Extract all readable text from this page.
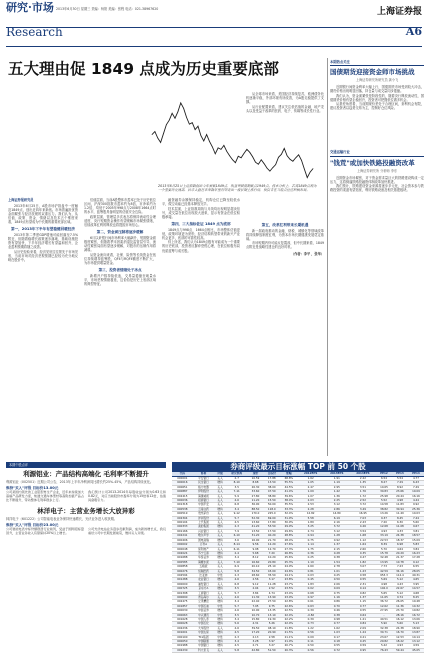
研究·市场 2013年6月30日 星期三 责编：杨阳 美编：张程 电话：021-38967620	上海证券报
Research	A6
五大理由促 1849 点成为历史重要底部
2013年6月25日上证指数创出今年新低1849点，明显突破前期低点1949点。技术分析上，若将1849点视为一个重要历史底部，后市大盘在未来数年里有望走出一波长期上涨行情，投资者在当前点位应积极布局。
上海证券报研究员

2013年6月25日，A股市场沪指盘中一度触及1849点，创出近四年来新低。市场普遍担忧资金面紧张与经济放缓的双重压力。我们认为，从估值、政策、资金、情绪以及技术五个维度来看，1849点有望成为中长期的重要底部区域。

第一，2013年下半年有望稳健回暖经济

2013年第二季度GDP增速可能回落至7.5%附近，但随着稳增长政策逐步落地，基础设施投资有望加快，下半年经济增长有望温和回升，企业盈利预期将随之改善。

从历史经验来看，经济见底往往领先于市场见底，当前市场对经济悲观预期已经较为充分地反映在股价中。

估值层面，当前A股整体市盈率已处于历史低位区间，沪深300指数市盈率约为8倍，市净率约为1.2倍，均低于2005年998点与2008年1664点时的水平，蓝筹股具备明显的估值安全边际。

政策层面，管理层多次表态将保持流动性合理适度，央行短期资金操作有望缓解市场紧张情绪，后续改革红利的释放也将提振市场信心。

第二，资金面压制将逐步缓解

6月以来银行间市场利率大幅飙升，短期资金面极度紧张，但随着季末因素消退及监管层引导，流动性紧张局面有望逐步缓解，对股市的压制作用将减弱。

从资金流向来看，社保、险资等长线资金在低位持续增持蓝筹股，QFII与RQFII额度不断扩大，为市场提供增量资金。

第三，投资者情绪处于冰点

新增开户数持续低迷，交易量萎缩至地量水平，市场悲观情绪蔓延，这恰恰是历史上底部区域的典型特征。

融资融券余额保持稳定，机构仓位已降至较低水平，做空动能已经基本释放完毕。

技术层面，上证指数周线与月线均出现明显超卖信号，成交量在低位出现放大迹象，显示有资金在低位积极承接。

第四，三大指标佐证 1849 点为底部

1849点与998点、1664点相比，市场整体估值更低，政策环境更为宽松，经济结构转型带来的新兴产业机会更多，底部的可靠性较高。

综上所述，我们认为1849点极有可能成为一个重要的历史底部，投资者应摒弃恐慌心理，在低位积极布局优质蓝筹与成长股。

从全球市场来看，美国经济持续复苏，欧洲债务危机逐渐平稳，外部环境有所改善，为A股走稳提供了支撑。

从行业配置来看，建议关注低估值的金融、地产龙头以及受益于改革的医药、电子、传媒等成长性行业。

第五，改革红利带来长期机遇

新一届政府推动的金融、财税、城镇化等领域改革将持续释放制度红利，为资本市场长期健康发展奠定基础。

市场短期内仍可能反复震荡，但中长期来看，1849点附近是战略性建仓的良好时机。

（作者：李平 ，张华）
本期热点关注
国债期货迎接资金师市场挑战
上海证券研究所研究员 龚小飞

近期银行间资金利率大幅上行，国债期货市场受到较大冲击，期货价格出现明显回落，持仓量与成交量同步萎缩。

我们认为，资金面紧张是阶段性的，随着央行释放流动性，国债期货价格有望企稳回升，投资者可把握低位做多机会。

从基差角度看，当前期现价差处于合理区间，套利机会有限，建议投资者以趋势交易为主，控制好仓位风险。

交通运输行业
"钱荒"或加快铁路投融资改革
上海证券研究所 分析师 李东

近期资金市场紧张，对于资金需求量巨大的铁路建设构成一定压力，这将倒逼铁路投融资体制改革加快推进。

我们预计，铁路建设资金来源将逐步多元化，社会资本参与铁路投资的渠道有望拓宽，利好铁路设备及相关基建板块。

本期个股点评
利源铝业：产品结构高端化 毛利率不断提升
利源铝业（002501）近期公司公告，2013年上半年净利润同比增长约25%-45%，产品结构持续优化。
维持"买入"评级 目标价13.00元
公司是国内领先的工业铝型材生产企业，近年来持续加大高端产品研发力度，轨道交通车体型材等高附加值产品占比不断提升，带动整体毛利率稳步上行。
我们预计公司2013-2014年每股收益分别为0.63元和0.82元，对应当前股价市盈率分别为15倍和12倍，估值具备吸引力。
林洋电子：主营业务增长大放异彩
林洋电子（601222）公司智能电表业务保持快速增长，光伏业务进入收获期。
维持"买入"评级 目标价23.00元
公司智能电表中标份额稳居行业前列，受益于国网招标量回升，主营业务收入有望保持20%以上增长。
公司光伏电站业务逐步贡献利润，成为新的增长点，我们看好公司中长期发展前景，维持买入评级。
券商评级最示目标涨幅 TOP 前 50 个股
代码	简称	评级	研究机构	现价	目标价	涨幅	2012EPS	2013EPS	2014EPS	PE12	PE13	PE14
000001	平安银行	买入	2-7	10.59	17.88	68.8%	1.62	1.91	2.22	6.54	5.54	4.77
600016	民生银行	增持	8-10	8.68	13.50	55.5%	1.05	1.19	1.35	8.27	7.29	6.43
000651	格力电器	买入	3-5	26.30	38.00	44.5%	2.47	2.95	3.51	10.65	8.92	7.49
600887	伊利股份	买入	7-11	33.60	47.50	41.4%	1.09	1.42	1.76	30.83	23.66	19.09
002415	海康威视	买入	5-9	27.80	38.80	39.6%	1.07	1.36	1.72	25.98	20.44	16.16
600036	招商银行	买入	4-6	11.20	15.50	38.4%	2.03	2.25	2.52	5.52	4.98	4.44
601318	中国平安	买入	6-8	36.90	50.00	35.5%	2.53	3.12	3.72	14.58	11.83	9.92
000538	云南白药	增持	3-4	88.50	118.0	33.3%	2.28	2.86	3.49	38.82	30.94	25.36
600519	贵州茅台	买入	9-12	170.0	225.0	32.4%	12.82	14.80	16.95	13.26	11.49	10.03
002304	洋河股份	买入	5-7	52.30	69.00	31.9%	5.58	6.19	7.03	9.37	8.45	7.44
600104	上汽集团	买入	4-5	13.60	17.80	30.9%	1.89	2.16	2.43	7.20	6.30	5.60
000333	美的集团	增持	2-3	41.20	53.50	29.9%	3.25	3.72	4.26	12.68	11.08	9.67
601166	兴业银行	买入	7-9	13.50	17.50	29.6%	2.74	3.12	3.54	4.93	4.33	3.81
002241	歌尔声学	买入	6-10	31.20	40.20	28.8%	0.94	1.28	1.68	33.19	24.38	18.57
600406	国电南瑞	增持	3-6	16.90	21.70	28.4%	0.75	0.92	1.12	22.53	18.37	15.09
000002	万科A	买入	8-14	9.56	12.20	27.6%	1.14	1.37	1.64	8.39	6.98	5.83
600048	保利地产	买入	6-11	9.98	12.70	27.3%	1.75	2.15	2.60	5.70	4.64	3.84
002024	苏宁云商	增持	2-4	5.68	7.20	26.8%	0.36	0.28	0.35	15.78	20.29	16.23
601688	华泰证券	增持	3-4	8.12	10.20	25.6%	0.25	0.38	0.47	32.48	21.37	17.28
600585	海螺水泥	买入	7-10	16.60	20.80	25.3%	1.19	1.54	1.82	13.95	10.78	9.12
000858	五粮液	买入	6-9	20.10	25.10	24.9%	2.60	2.78	3.07	7.73	7.23	6.55
600276	恒瑞医药	买入	5-8	34.50	43.00	24.6%	0.81	1.01	1.23	42.59	34.16	28.05
002594	比亚迪	中性	2-3	28.60	35.50	24.1%	0.03	0.25	0.58	953.3	114.4	49.31
601288	农业银行	增持	4-6	2.56	3.17	23.8%	0.45	0.50	0.55	5.69	5.12	4.65
600000	浦发银行	买入	6-8	9.12	11.28	23.7%	1.83	2.06	2.31	4.98	4.43	3.95
000725	京东方A	增持	3-5	2.04	2.52	23.5%	0.02	0.09	0.14	102.0	22.67	14.57
601398	工商银行	买入	5-7	3.84	4.74	23.4%	0.68	0.75	0.82	5.65	5.12	4.68
600690	青岛海尔	买入	4-6	11.30	13.90	23.0%	0.97	1.16	1.37	11.65	9.74	8.25
002475	立讯精密	增持	3-4	22.40	27.50	22.8%	0.61	0.86	1.15	36.72	26.05	19.48
601857	中国石油	中性	5-7	7.95	9.75	22.6%	0.63	0.70	0.77	12.62	11.36	10.32
600030	中信证券	增持	4-6	10.90	13.35	22.5%	0.39	0.46	0.55	27.95	23.70	19.82
000063	中兴通讯	中性	3-5	10.70	13.10	22.4%	-0.82	0.38	0.64	-	28.16	16.72
601628	中国人寿	增持	3-4	15.80	19.30	22.2%	0.39	0.98	1.21	40.51	16.12	13.06
600028	中国石化	增持	5-6	4.31	5.26	22.0%	0.73	0.77	0.84	5.90	5.60	5.13
002236	大华股份	买入	4-6	39.50	48.10	21.8%	1.22	1.62	2.09	32.38	24.38	18.90
601601	中国太保	增持	4-5	17.20	20.90	21.5%	0.56	1.03	1.24	30.71	16.70	13.87
000100	TCL集团	中性	2-3	2.13	2.58	21.1%	0.09	0.17	0.21	23.67	12.53	10.14
600050	中国联通	增持	3-4	3.28	3.97	21.0%	0.11	0.18	0.25	29.82	18.22	13.12
601988	中国银行	增持	4-5	2.71	3.27	20.7%	0.50	0.55	0.59	5.42	4.93	4.59
002230	科大讯飞	买入	5-8	42.80	51.50	20.3%	0.56	0.72	0.95	76.43	59.44	45.05
